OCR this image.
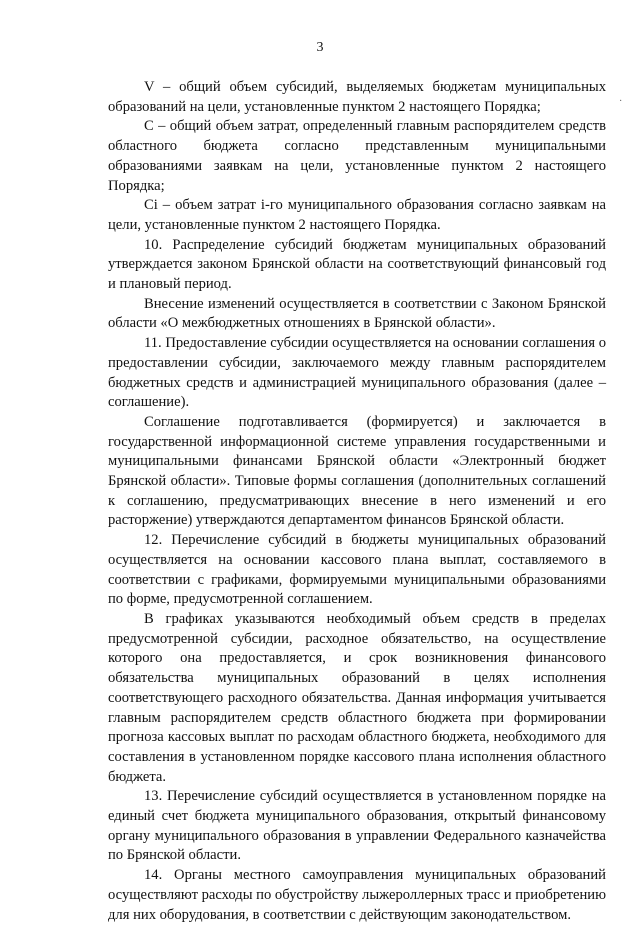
3
·

V – общий объем субсидий, выделяемых бюджетам муниципальных образований на цели, установленные пунктом 2 настоящего Порядка;

С – общий объем затрат, определенный главным распорядителем средств областного бюджета согласно представленным муниципальными образованиями заявкам на цели, установленные пунктом 2 настоящего Порядка;

Сi – объем затрат i-го муниципального образования согласно заявкам на цели, установленные пунктом 2 настоящего Порядка.

10. Распределение субсидий бюджетам муниципальных образований утверждается законом Брянской области на соответствующий финансовый год и плановый период.

Внесение изменений осуществляется в соответствии с Законом Брянской области «О межбюджетных отношениях в Брянской области».

11. Предоставление субсидии осуществляется на основании соглашения о предоставлении субсидии, заключаемого между главным распорядителем бюджетных средств и администрацией муниципального образования (далее – соглашение).

Соглашение подготавливается (формируется) и заключается в государственной информационной системе управления государственными и муниципальными финансами Брянской области «Электронный бюджет Брянской области». Типовые формы соглашения (дополнительных соглашений к соглашению, предусматривающих внесение в него изменений и его расторжение) утверждаются департаментом финансов Брянской области.

12. Перечисление субсидий в бюджеты муниципальных образований осуществляется на основании кассового плана выплат, составляемого в соответствии с графиками, формируемыми муниципальными образованиями по форме, предусмотренной соглашением.

В графиках указываются необходимый объем средств в пределах предусмотренной субсидии, расходное обязательство, на осуществление которого она предоставляется, и срок возникновения финансового обязательства муниципальных образований в целях исполнения соответствующего расходного обязательства. Данная информация учитывается главным распорядителем средств областного бюджета при формировании прогноза кассовых выплат по расходам областного бюджета, необходимого для составления в установленном порядке кассового плана исполнения областного бюджета.

13. Перечисление субсидий осуществляется в установленном порядке на единый счет бюджета муниципального образования, открытый финансовому органу муниципального образования в управлении Федерального казначейства по Брянской области.

14. Органы местного самоуправления муниципальных образований осуществляют расходы по обустройству лыжероллерных трасс и приобретению для них оборудования, в соответствии с действующим законодательством.
